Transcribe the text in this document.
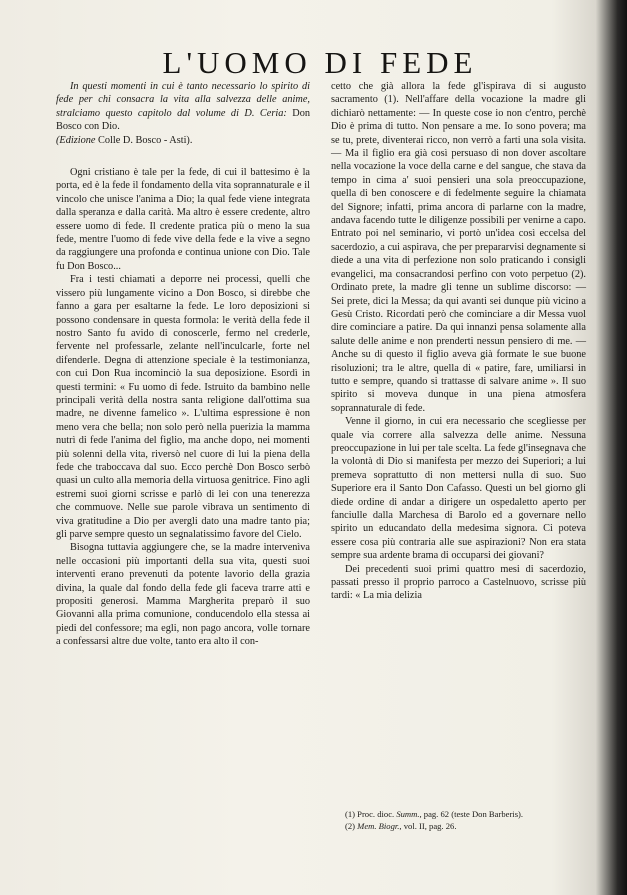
L'UOMO DI FEDE

In questi momenti in cui è tanto necessario lo spirito di fede per chi consacra la vita alla salvezza delle anime, stralciamo questo capitolo dal volume di D. Ceria: Don Bosco con Dio.
(Edizione Colle D. Bosco - Asti).

Ogni cristiano è tale per la fede, di cui il battesimo è la porta, ed è la fede il fondamento della vita soprannaturale e il vincolo che unisce l'anima a Dio; la qual fede viene integrata dalla speranza e dalla carità. Ma altro è essere credente, altro essere uomo di fede. Il credente pratica più o meno la sua fede, mentre l'uomo di fede vive della fede e la vive a segno da raggiungere una profonda e continua unione con Dio. Tale fu Don Bosco...

Fra i testi chiamati a deporre nei processi, quelli che vissero più lungamente vicino a Don Bosco, si direbbe che fanno a gara per esaltarne la fede. Le loro deposizioni si possono condensare in questa formola: le verità della fede il nostro Santo fu avido di conoscerle, fermo nel crederle, fervente nel professarle, zelante nell'inculcarle, forte nel difenderle. Degna di attenzione speciale è la testimonianza, con cui Don Rua incominciò la sua deposizione. Esordì in questi termini: « Fu uomo di fede. Istruito da bambino nelle principali verità della nostra santa religione dall'ottima sua madre, ne divenne famelico ». L'ultima espressione è non meno vera che bella; non solo però nella puerizia la mamma nutrì di fede l'anima del figlio, ma anche dopo, nei momenti più solenni della vita, riversò nel cuore di lui la piena della fede che traboccava dal suo. Ecco perchè Don Bosco serbò quasi un culto alla memoria della virtuosa genitrice. Fino agli estremi suoi giorni scrisse e parlò di lei con una tenerezza che commuove. Nelle sue parole vibrava un sentimento di viva gratitudine a Dio per avergli dato una madre tanto pia; gli parve sempre questo un segnalatissimo favore del Cielo.

Bisogna tuttavia aggiungere che, se la madre intervenìva nelle occasioni più importanti della sua vita, questi suoi interventi erano prevenuti da potente lavorio della grazia divina, la quale dal fondo della fede gli faceva trarre atti e propositi generosi. Mamma Margherita preparò il suo Giovanni alla prima comunione, conducendolo ella stessa ai piedi del confessore; ma egli, non pago ancora, volle tornare a confessarsi altre due volte, tanto era alto il con-

cetto che già allora la fede gl'ispirava di si augusto sacramento (1). Nell'affare della vocazione la madre gli dichiarò nettamente: — In queste cose io non c'entro, perchè Dio è prima di tutto. Non pensare a me. Io sono povera; ma se tu, prete, diventerai ricco, non verrò a farti una sola visita. — Ma il figlio era già così persuaso di non dover ascoltare nella vocazione la voce della carne e del sangue, che stava da tempo in cima a' suoi pensieri una sola preoccupazione, quella di ben conoscere e di fedelmente seguire la chiamata del Signore; infatti, prima ancora di parlarne con la madre, andava facendo tutte le diligenze possibili per venirne a capo. Entrato poi nel seminario, vi portò un'idea così eccelsa del sacerdozio, a cui aspirava, che per prepararvisi degnamente si diede a una vita di perfezione non solo praticando i consigli evangelici, ma consacrandosi perfino con voto perpetuo (2). Ordinato prete, la madre gli tenne un sublime discorso: — Sei prete, dici la Messa; da qui avanti sei dunque più vicino a Gesù Cristo. Ricordati però che cominciare a dir Messa vuol dire cominciare a patire. Da qui innanzi pensa solamente alla salute delle anime e non prenderti nessun pensiero di me. — Anche su di questo il figlio aveva già formate le sue buone risoluzioni; tra le altre, quella di « patire, fare, umiliarsi in tutto e sempre, quando si trattasse di salvare anime ». Il suo spirito si moveva dunque in una piena atmosfera soprannaturale di fede.

Venne il giorno, in cui era necessario che scegliesse per quale via correre alla salvezza delle anime. Nessuna preoccupazione in lui per tale scelta. La fede gl'insegnava che la volontà di Dio si manifesta per mezzo dei Superiori; a lui premeva soprattutto di non mettersi nulla di suo. Suo Superiore era il Santo Don Cafasso. Questi un bel giorno gli diede ordine di andar a dirigere un ospedaletto aperto per fanciulle dalla Marchesa di Barolo ed a governare nello spirito un educandato della medesima signora. Ci poteva essere cosa più contraria alle sue aspirazioni? Non era stata sempre sua ardente brama di occuparsi dei giovani?

Dei precedenti suoi primi quattro mesi di sacerdozio, passati presso il proprio parroco a Castelnuovo, scrisse più tardi: « La mia delizia

(1) Proc. dioc. Summ., pag. 62 (teste Don Barberis).
(2) Mem. Biogr., vol. II, pag. 26.
